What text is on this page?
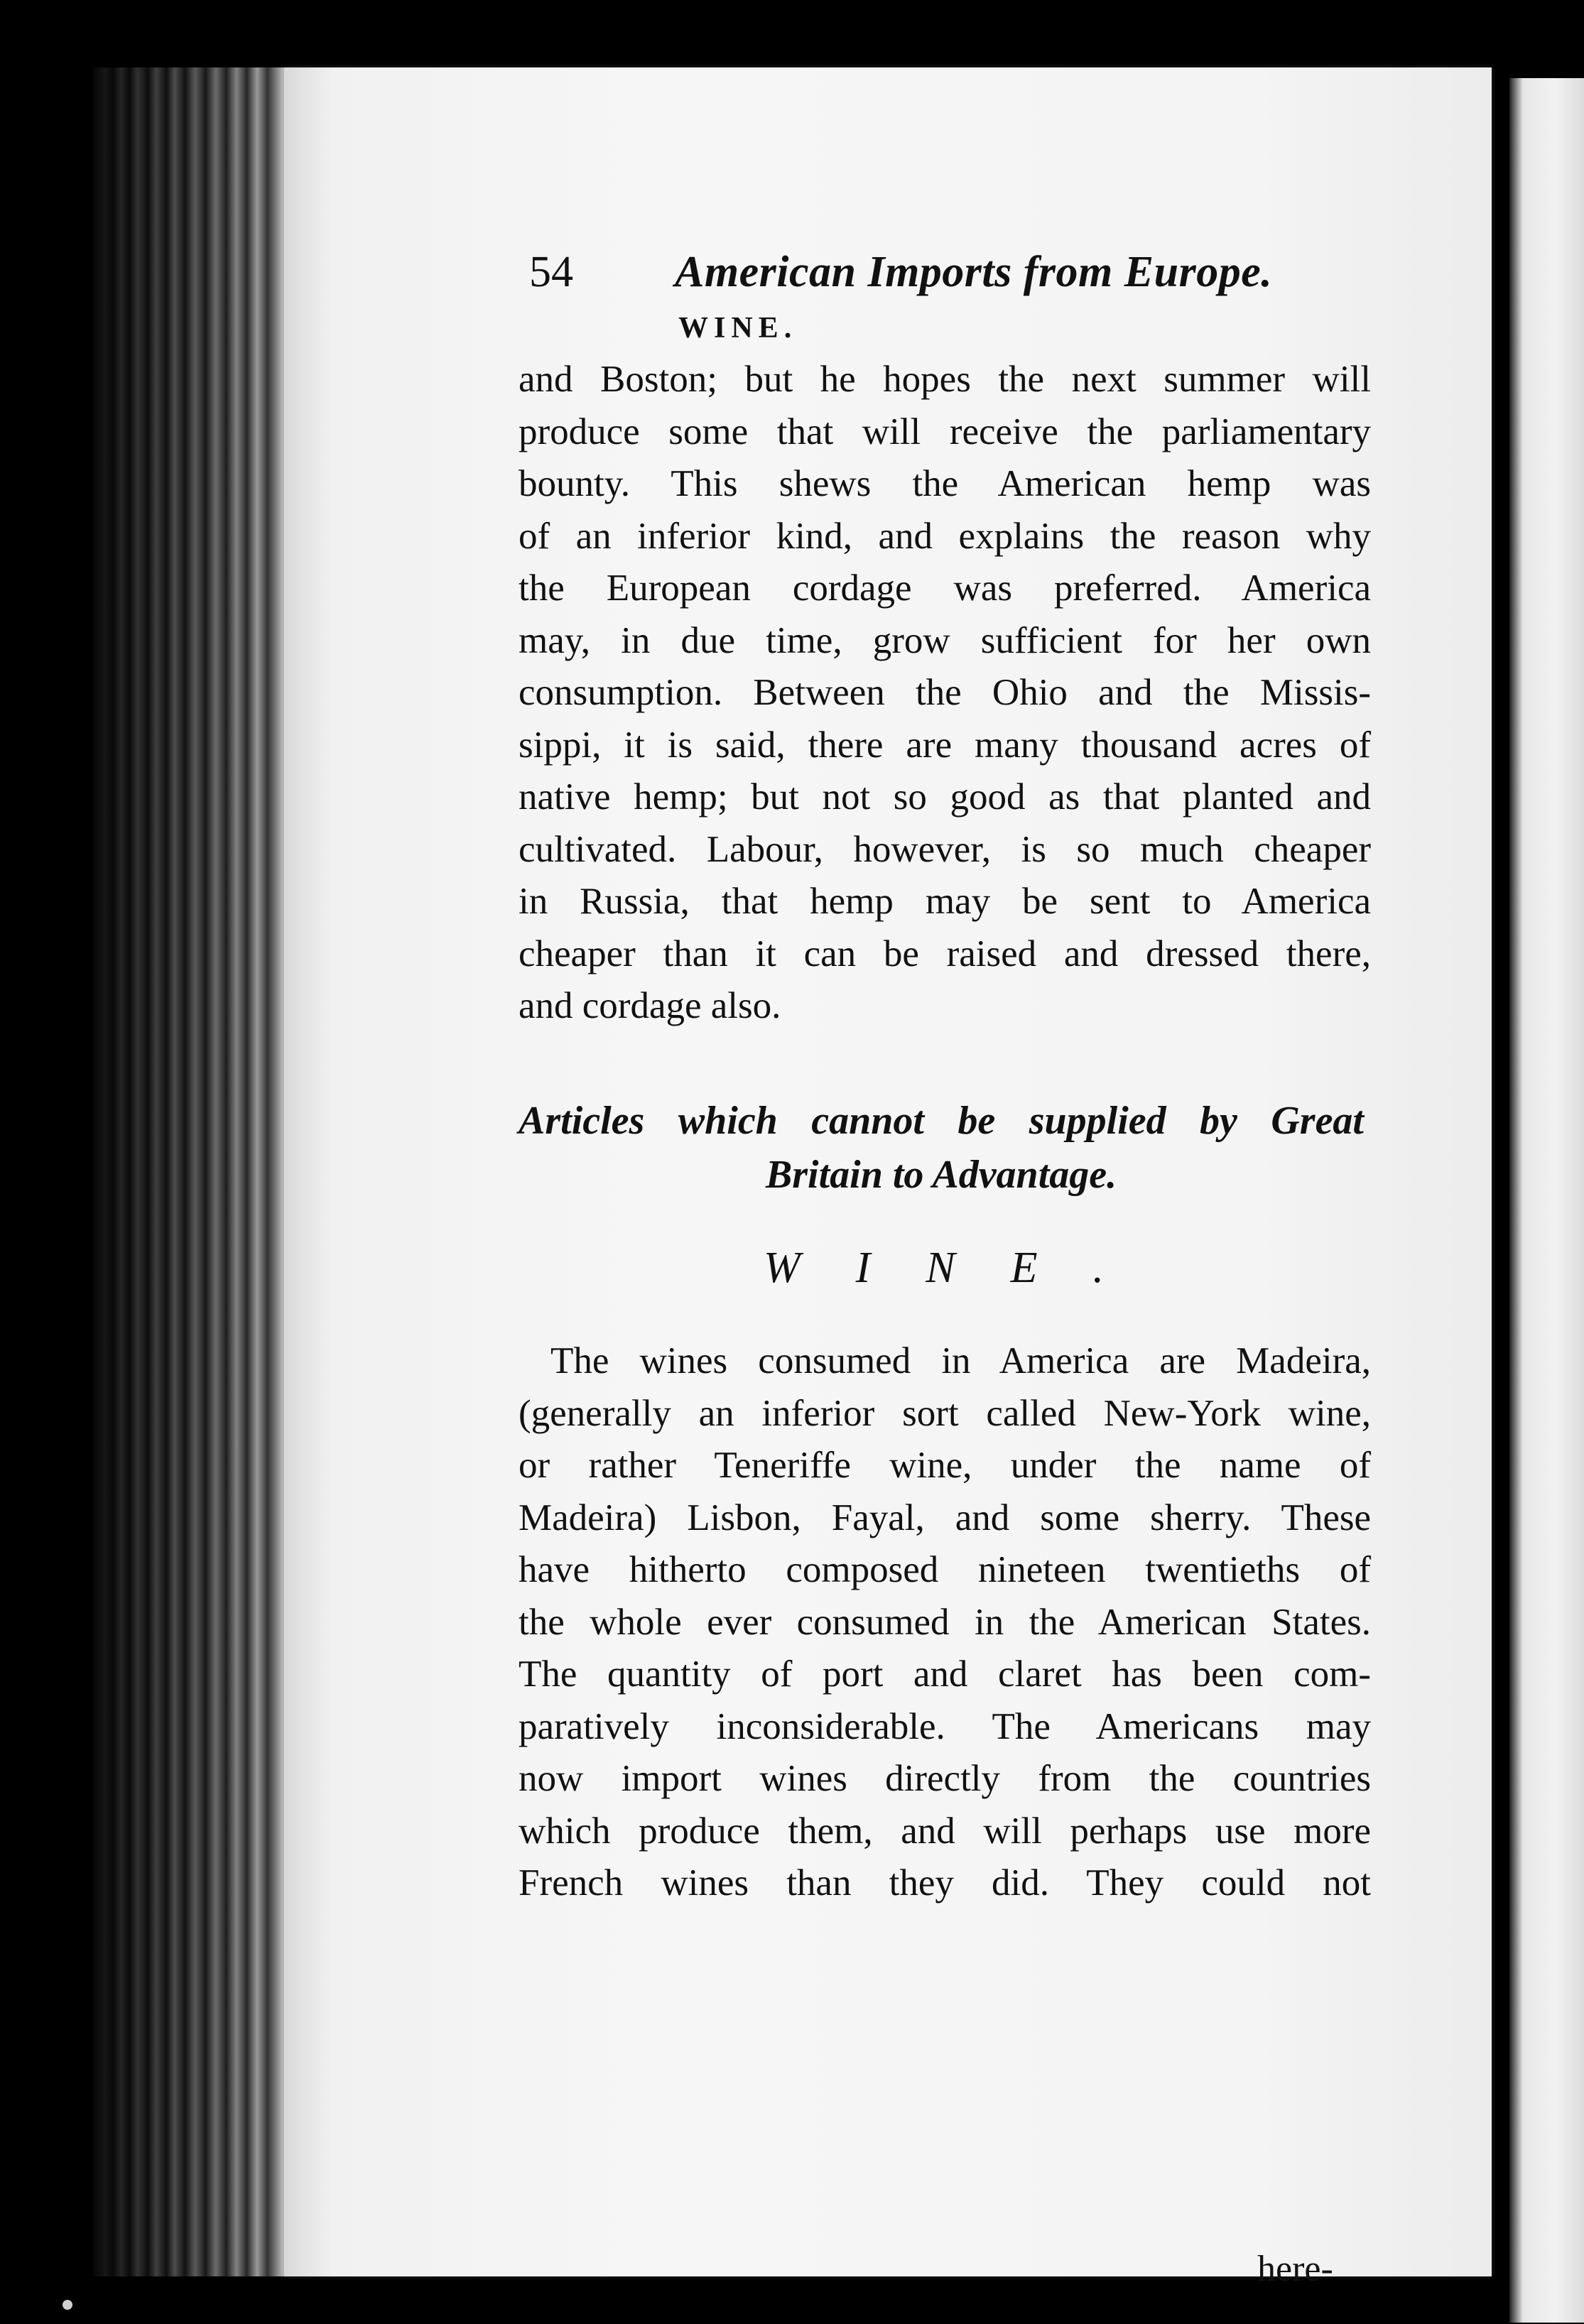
54 American Imports from Europe.
WINE.
and Boston; but he hopes the next summer will
produce some that will receive the parliamentary
bounty. This shews the American hemp was
of an inferior kind, and explains the reason why
the European cordage was preferred. America
may, in due time, grow sufficient for her own
consumption. Between the Ohio and the Missis-
sippi, it is said, there are many thousand acres of
native hemp; but not so good as that planted and
cultivated. Labour, however, is so much cheaper
in Russia, that hemp may be sent to America
cheaper than it can be raised and dressed there,
and cordage also.
Articles which cannot be supplied by Great
Britain to Advantage.
WINE.
The wines consumed in America are Madeira,
(generally an inferior sort called New-York wine,
or rather Teneriffe wine, under the name of
Madeira) Lisbon, Fayal, and some sherry. These
have hitherto composed nineteen twentieths of
the whole ever consumed in the American States.
The quantity of port and claret has been com-
paratively inconsiderable. The Americans may
now import wines directly from the countries
which produce them, and will perhaps use more
French wines than they did. They could not
here-
